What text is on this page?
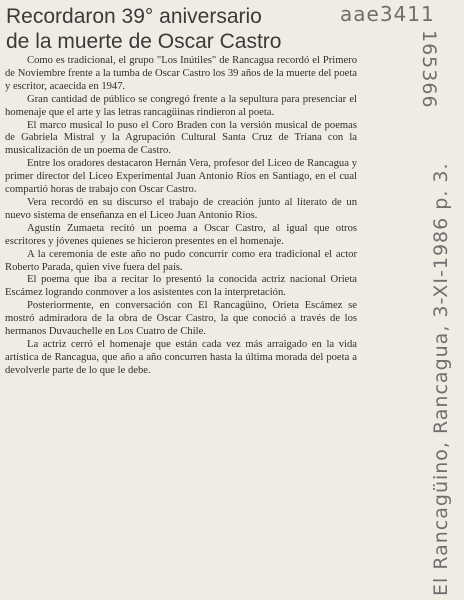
Recordaron 39° aniversario
de la muerte de Oscar Castro

Como es tradicional, el grupo "Los Inútiles" de Rancagua recordó el Primero de Noviembre frente a la tumba de Oscar Castro los 39 años de la muerte del poeta y escritor, acaecida en 1947.

Gran cantidad de público se congregó frente a la sepultura para presenciar el homenaje que el arte y las letras rancagüinas rindieron al poeta.

El marco musical lo puso el Coro Braden con la versión musical de poemas de Gabriela Mistral y la Agrupación Cultural Santa Cruz de Triana con la musicalización de un poema de Castro.

Entre los oradores destacaron Hernán Vera, profesor del Liceo de Rancagua y primer director del Liceo Experimental Juan Antonio Ríos en Santiago, en el cual compartió horas de trabajo con Oscar Castro.

Vera recordó en su discurso el trabajo de creación junto al literato de un nuevo sistema de enseñanza en el Liceo Juan Antonio Ríos.

Agustín Zumaeta recitó un poema a Oscar Castro, al igual que otros escritores y jóvenes quienes se hicieron presentes en el homenaje.

A la ceremonia de este año no pudo concurrir como era tradicional el actor Roberto Parada, quien vive fuera del país.

El poema que iba a recitar lo presentó la conocida actriz nacional Orieta Escámez logrando conmover a los asistentes con la interpretación.

Posteriormente, en conversación con El Rancagüino, Orieta Escámez se mostró admiradora de la obra de Oscar Castro, la que conoció a través de los hermanos Duvauchelle en Los Cuatro de Chile.

La actriz cerró el homenaje que están cada vez más arraigado en la vida artística de Rancagua, que año a año concurren hasta la última morada del poeta a devolverle parte de lo que le debe.

aae3411
165366
El Rancagüino, Rancagua, 3-XI-1986 p. 3.
